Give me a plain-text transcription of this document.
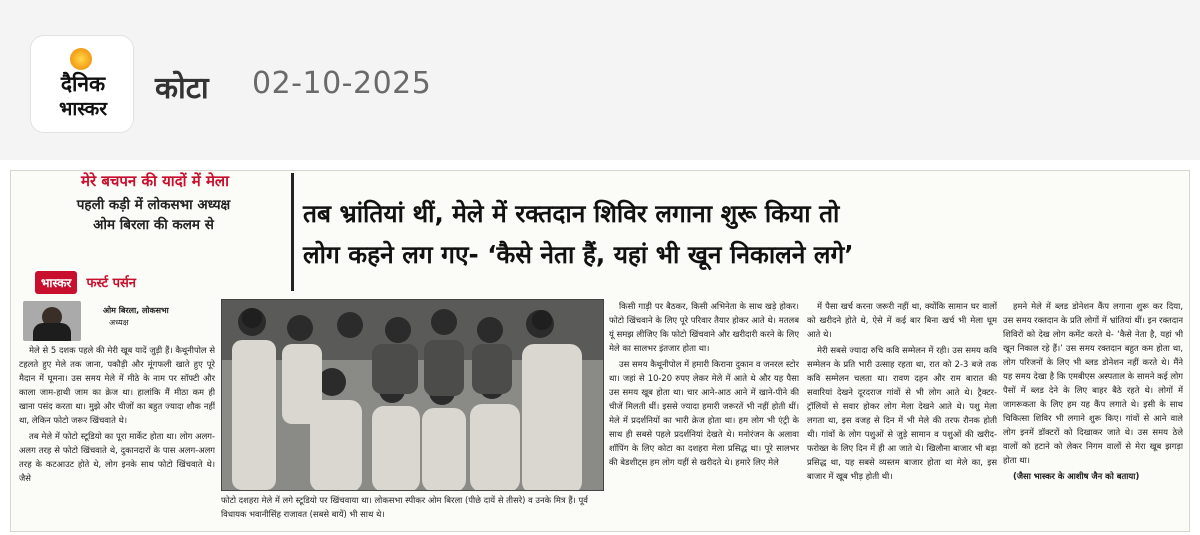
दैनिक
भास्कर
कोटा 02-10-2025
मेरे बचपन की यादों में मेला
पहली कड़ी में लोकसभा अध्यक्ष
ओम बिरला की कलम से
भास्कर फर्स्ट पर्सन
तब भ्रांतियां थीं, मेले में रक्तदान शिविर लगाना शुरू किया तो
लोग कहने लग गए- ‘कैसे नेता हैं, यहां भी खून निकालने लगे’
ओम बिरला, लोकसभा
अध्यक्ष

मेले से 5 दशक पहले की मेरी खूब यादें जुड़ी हैं। कैथूनीपोल से टहलते हुए मेले तक जाना, पकौड़ी और मूंगफली खाते हुए पूरे मैदान में घूमना। उस समय मेले में मीठे के नाम पर सॉफ्टी और काला जाम-हाथी जाम का क्रेज था। हालांकि मैं मीठा कम ही खाना पसंद करता था। मुझे और चीजों का बहुत ज्यादा शौक नहीं था, लेकिन फोटो जरूर खिंचवाते थे।

तब मेले में फोटो स्टूडियो का पूरा मार्केट होता था। लोग अलग-अलग तरह से फोटो खिंचवाते थे, दुकानदारों के पास अलग-अलग तरह के कटआउट होते थे, लोग इनके साथ फोटो खिंचवाते थे। जैसे

फोटो दशहरा मेले में लगे स्टूडियो पर खिंचवाया था। लोकसभा स्पीकर ओम बिरला (पीछे दायें से तीसरे) व उनके मित्र हैं। पूर्व विधायक भवानीसिंह राजावत (सबसे बायें) भी साथ थे।

किसी गाड़ी पर बैठकर, किसी अभिनेता के साथ खड़े होकर। फोटो खिंचवाने के लिए पूरे परिवार तैयार होकर आते थे। मतलब यूं समझ लीजिए कि फोटो खिंचवाने और खरीदारी करने के लिए मेले का सालभर इंतजार होता था।

उस समय कैथूनीपोल में हमारी किराना दुकान व जनरल स्टोर था। जहां से 10-20 रुपए लेकर मेले में आते थे और यह पैसा उस समय खूब होता था। चार आने-आठ आने में खाने-पीने की चीजें मिलती थीं। इससे ज्यादा हमारी जरूरतें भी नहीं होती थीं। मेले में प्रदर्शनियों का भारी क्रेज होता था। हम लोग भी एंट्री के साथ ही सबसे पहले प्रदर्शनियां देखते थे। मनोरंजन के अलावा शॉपिंग के लिए कोटा का दशहरा मेला प्रसिद्ध था। पूरे सालभर की बेडशीट्स हम लोग यहीं से खरीदते थे। हमारे लिए मेले

में पैसा खर्च करना जरूरी नहीं था, क्योंकि सामान घर वालों को खरीदने होते थे, ऐसे में कई बार बिना खर्च भी मेला घूम आते थे।

मेरी सबसे ज्यादा रुचि कवि सम्मेलन में रही। उस समय कवि सम्मेलन के प्रति भारी उत्साह रहता था, रात को 2-3 बजे तक कवि सम्मेलन चलता था। रावण दहन और राम बारात की सवारियां देखने दूरदराज गांवों से भी लोग आते थे। ट्रैक्टर-ट्रॉलियों से सवार होकर लोग मेला देखने आते थे। पशु मेला लगता था, इस वजह से दिन में भी मेले की तरफ रौनक होती थी। गांवों के लोग पशुओं से जुड़े सामान व पशुओं की खरीद-फरोख्त के लिए दिन में ही आ जाते थे। खिलौना बाजार भी बड़ा प्रसिद्ध था, यह सबसे व्यस्तम बाजार होता था मेले का, इस बाजार में खूब भीड़ होती थी।

हमने मेले में ब्लड डोनेशन कैंप लगाना शुरू कर दिया, उस समय रक्तदान के प्रति लोगों में भ्रांतियां थीं। इन रक्तदान शिविरों को देख लोग कमेंट करते थे- ‘कैसे नेता है, यहां भी खून निकाल रहे हैं।’ उस समय रक्तदान बहुत कम होता था, लोग परिजनों के लिए भी ब्लड डोनेशन नहीं करते थे। मैंने यह समय देखा है कि एमबीएस अस्पताल के सामने कई लोग पैसों में ब्लड देने के लिए बाहर बैठे रहते थे। लोगों में जागरूकता के लिए हम यह कैंप लगाते थे। इसी के साथ चिकित्सा शिविर भी लगाने शुरू किए। गांवों से आने वाले लोग इनमें डॉक्टरों को दिखाकर जाते थे। उस समय ठेले वालों को हटाने को लेकर निगम वालों से मेरा खूब झगड़ा होता था।

(जैसा भास्कर के आशीष जैन को बताया)
